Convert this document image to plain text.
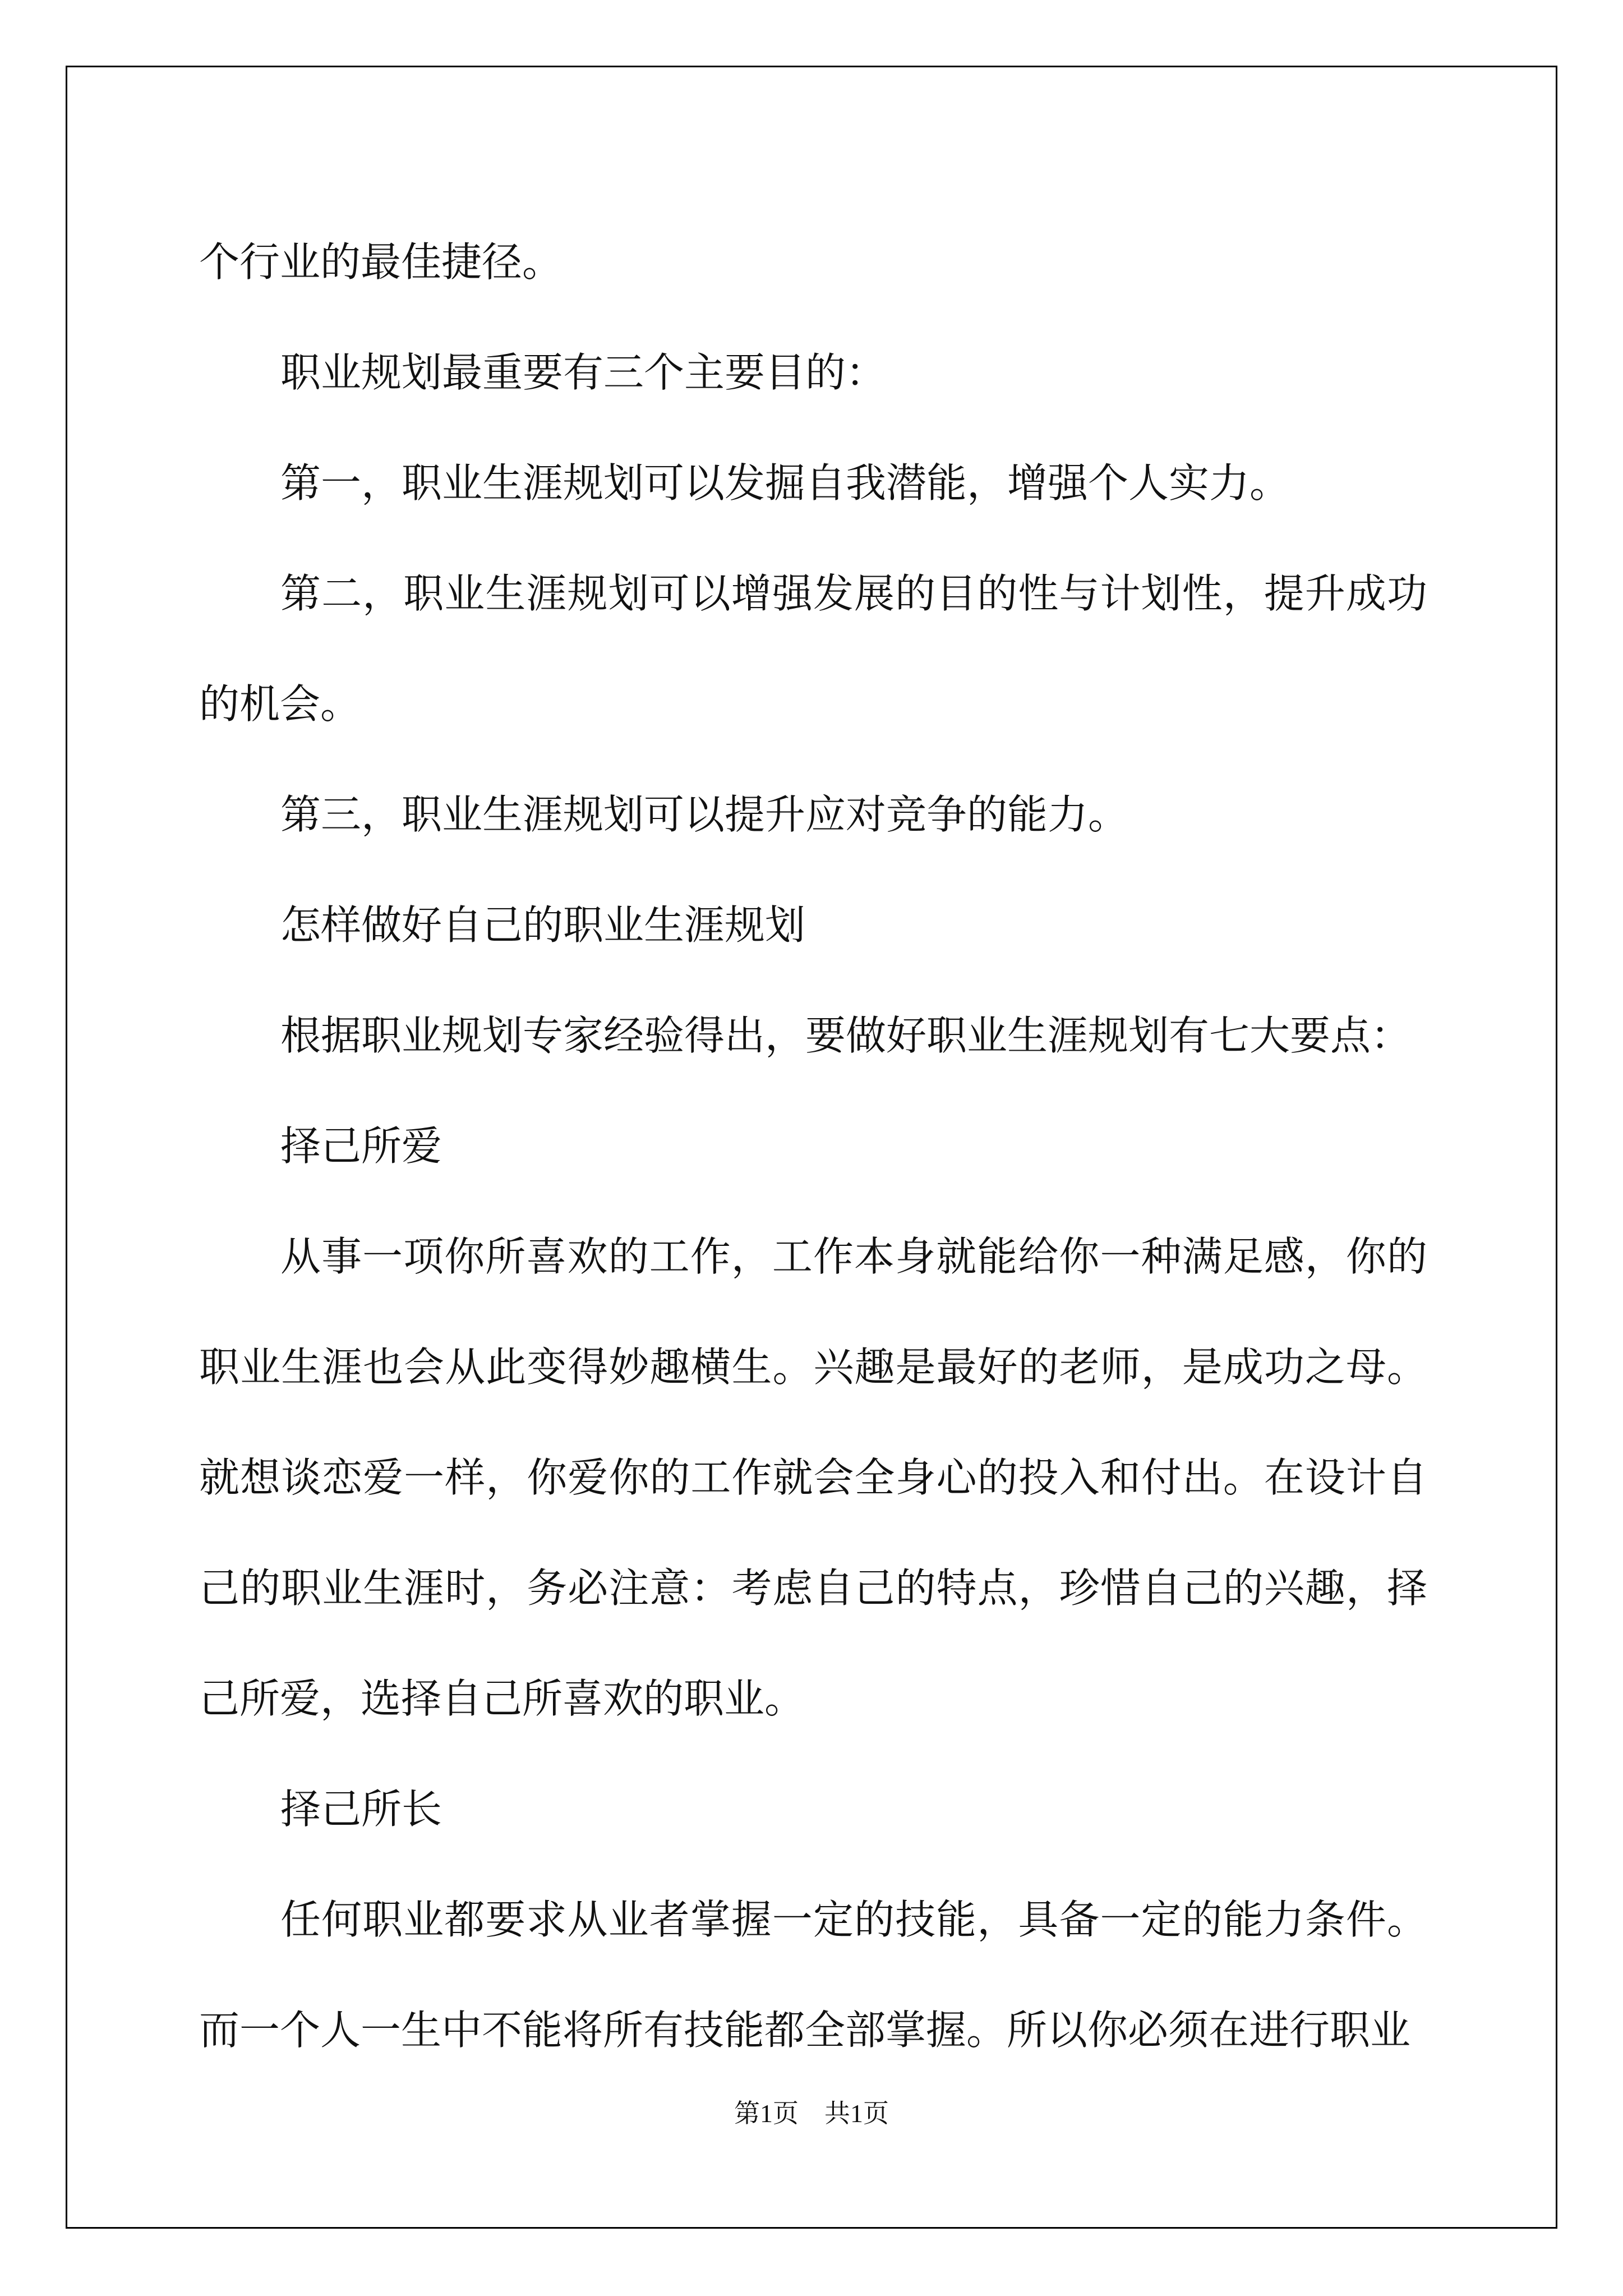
个行业的最佳捷径。

职业规划最重要有三个主要目的：

第一，职业生涯规划可以发掘自我潜能，增强个人实力。

第二，职业生涯规划可以增强发展的目的性与计划性，提升成功的机会。

第三，职业生涯规划可以提升应对竞争的能力。

怎样做好自己的职业生涯规划

根据职业规划专家经验得出，要做好职业生涯规划有七大要点：

择己所爱

从事一项你所喜欢的工作，工作本身就能给你一种满足感，你的职业生涯也会从此变得妙趣横生。兴趣是最好的老师，是成功之母。就想谈恋爱一样，你爱你的工作就会全身心的投入和付出。在设计自己的职业生涯时，务必注意：考虑自己的特点，珍惜自己的兴趣，择己所爱，选择自己所喜欢的职业。

择己所长

任何职业都要求从业者掌握一定的技能，具备一定的能力条件。而一个人一生中不能将所有技能都全部掌握。所以你必须在进行职业

第1页　共1页
